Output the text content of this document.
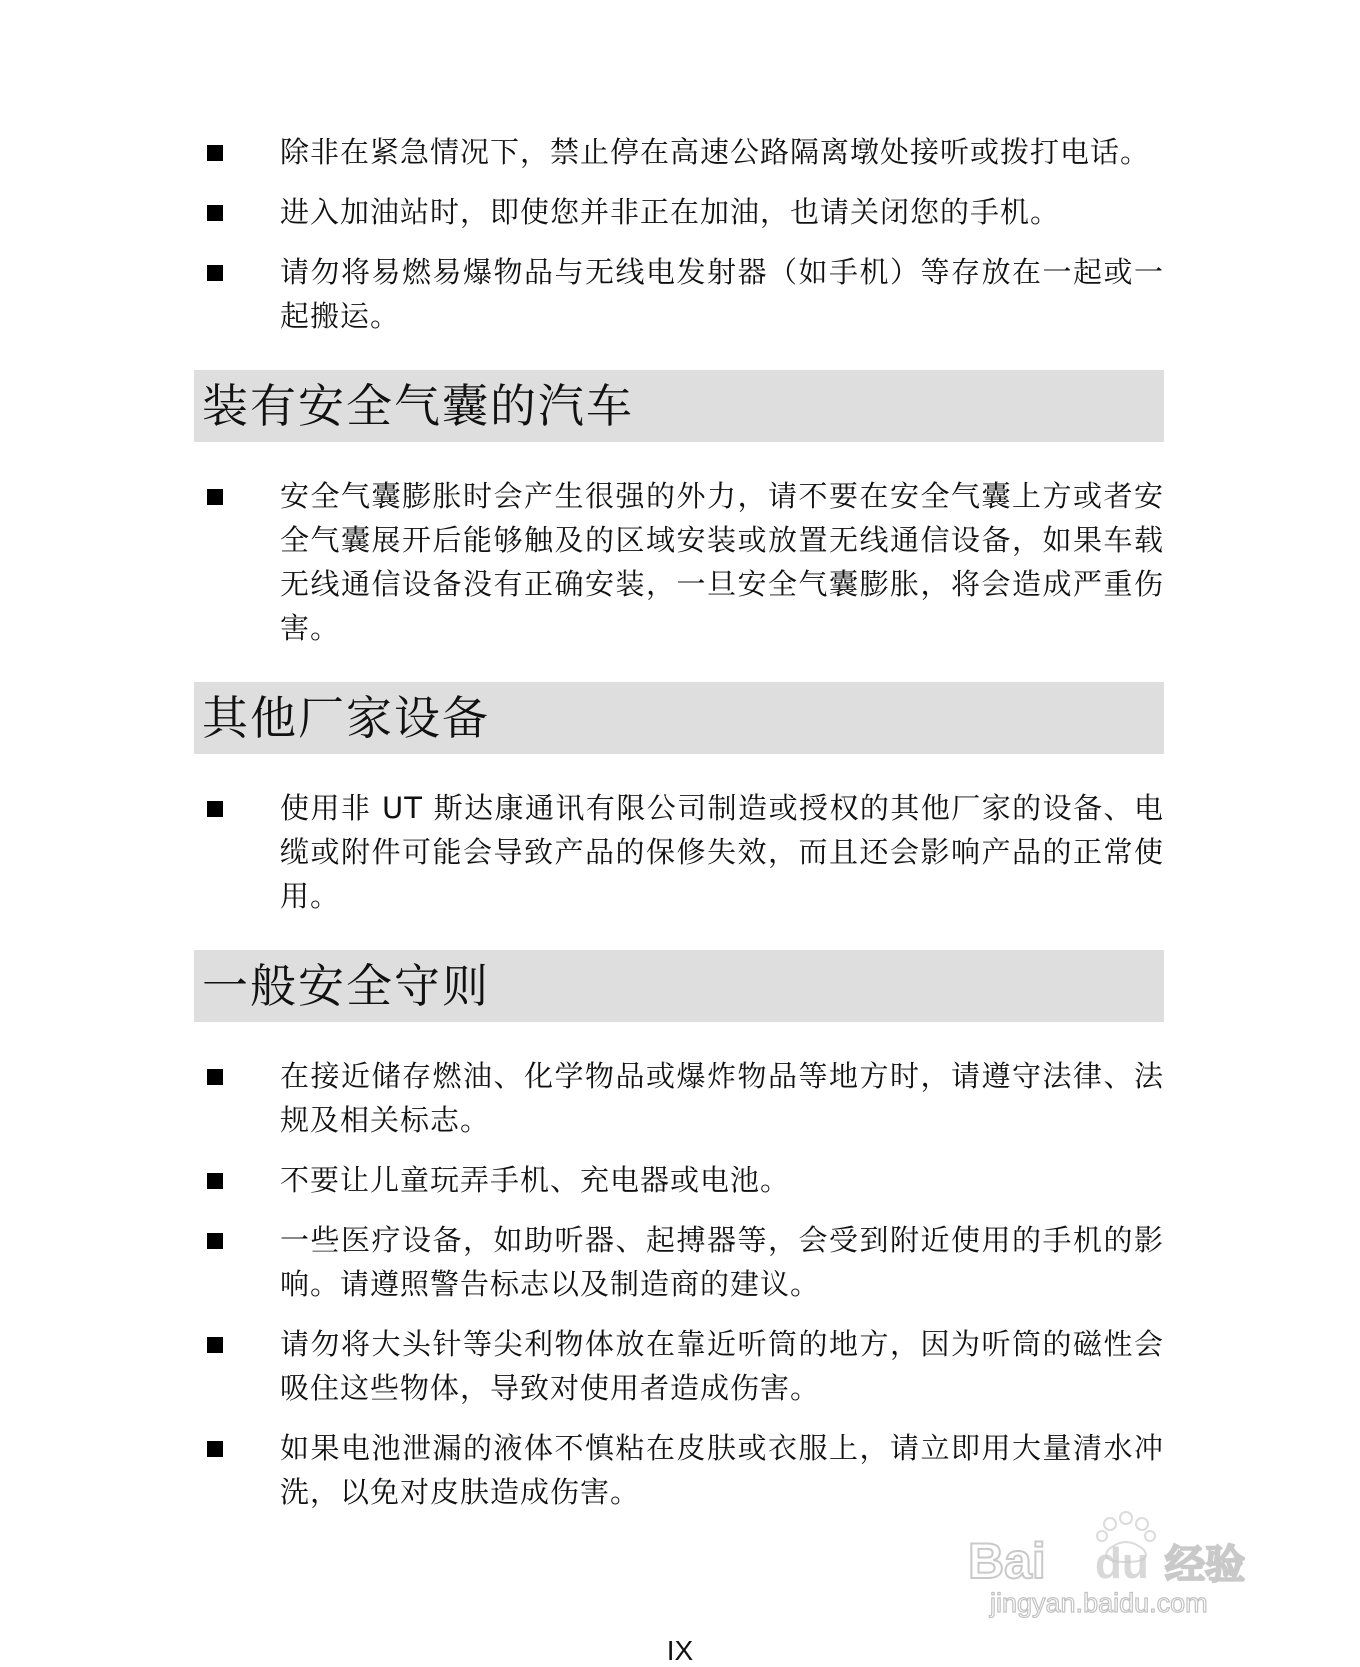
除非在紧急情况下，禁止停在高速公路隔离墩处接听或拨打电话。
进入加油站时，即使您并非正在加油，也请关闭您的手机。
请勿将易燃易爆物品与无线电发射器（如手机）等存放在一起或一起搬运。
装有安全气囊的汽车
安全气囊膨胀时会产生很强的外力，请不要在安全气囊上方或者安全气囊展开后能够触及的区域安装或放置无线通信设备，如果车载无线通信设备没有正确安装，一旦安全气囊膨胀，将会造成严重伤害。
其他厂家设备
使用非 UT 斯达康通讯有限公司制造或授权的其他厂家的设备、电缆或附件可能会导致产品的保修失效，而且还会影响产品的正常使用。
一般安全守则
在接近储存燃油、化学物品或爆炸物品等地方时，请遵守法律、法规及相关标志。
不要让儿童玩弄手机、充电器或电池。
一些医疗设备，如助听器、起搏器等，会受到附近使用的手机的影响。请遵照警告标志以及制造商的建议。
请勿将大头针等尖利物体放在靠近听筒的地方，因为听筒的磁性会吸住这些物体，导致对使用者造成伤害。
如果电池泄漏的液体不慎粘在皮肤或衣服上，请立即用大量清水冲洗，以免对皮肤造成伤害。
IX
Bai du 经验
jingyan.baidu.com
